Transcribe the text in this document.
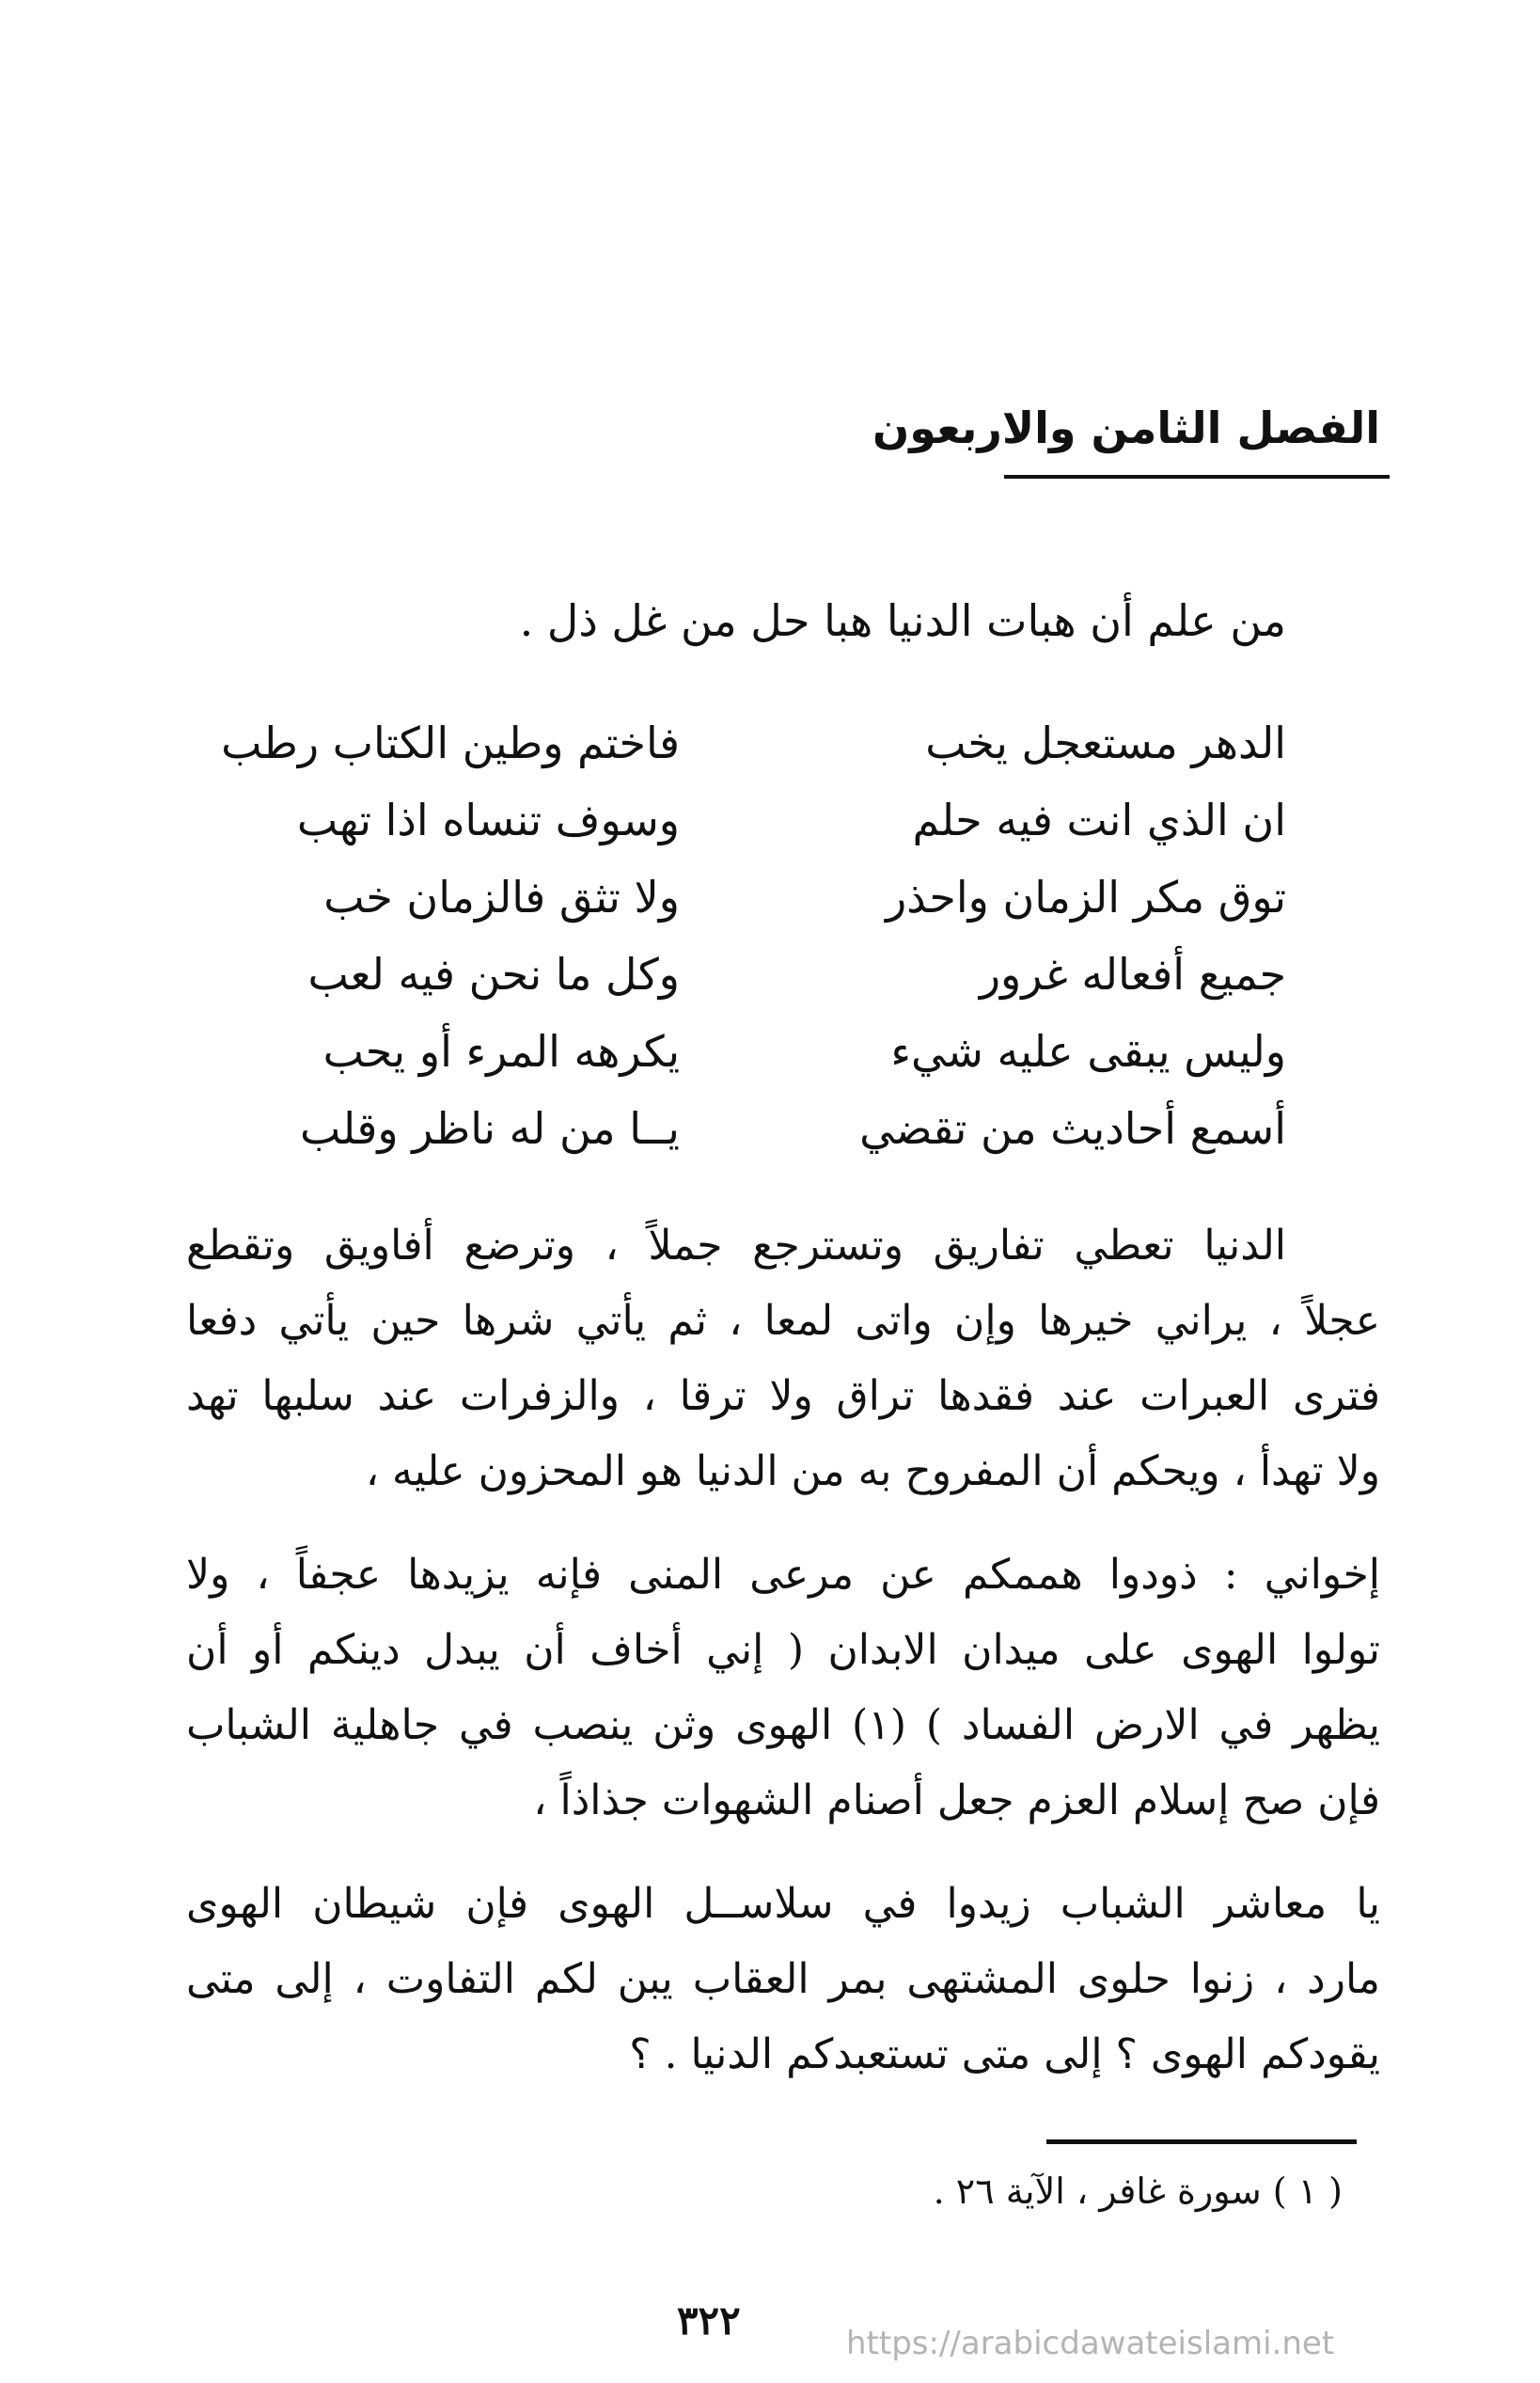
الفصل الثامن والاربعون
من علم أن هبات الدنيا هبا حل من غل ذل .
الدهر مستعجل يخب
فاختم وطين الكتاب رطب
ان الذي انت فيه حلم
وسوف تنساه اذا تهب
توق مكر الزمان واحذر
ولا تثق فالزمان خب
جميع أفعاله غرور
وكل ما نحن فيه لعب
وليس يبقى عليه شيء
يكرهه المرء أو يحب
أسمع أحاديث من تقضي
يــا من له ناظر وقلب
الدنيا تعطي تفاريق وتسترجع جملاً ، وترضع أفاويق وتقطع
عجلاً ، يراني خيرها وإن واتى لمعا ، ثم يأتي شرها حين يأتي دفعا
فترى العبرات عند فقدها تراق ولا ترقا ، والزفرات عند سلبها تهد
ولا تهدأ ، ويحكم أن المفروح به من الدنيا هو المحزون عليه ،
إخواني : ذودوا هممكم عن مرعى المنى فإنه يزيدها عجفاً ، ولا
تولوا الهوى على ميدان الابدان ( إني أخاف أن يبدل دينكم أو أن
يظهر في الارض الفساد ) (١) الهوى وثن ينصب في جاهلية الشباب
فإن صح إسلام العزم جعل أصنام الشهوات جذاذاً ،
يا معاشر الشباب زيدوا في سلاســل الهوى فإن شيطان الهوى
مارد ، زنوا حلوى المشتهى بمر العقاب يبن لكم التفاوت ، إلى متى
يقودكم الهوى ؟ إلى متى تستعبدكم الدنيا . ؟
( ١ ) سورة غافر ، الآية ٢٦ .
٣٢٢	https://arabicdawateislami.net
